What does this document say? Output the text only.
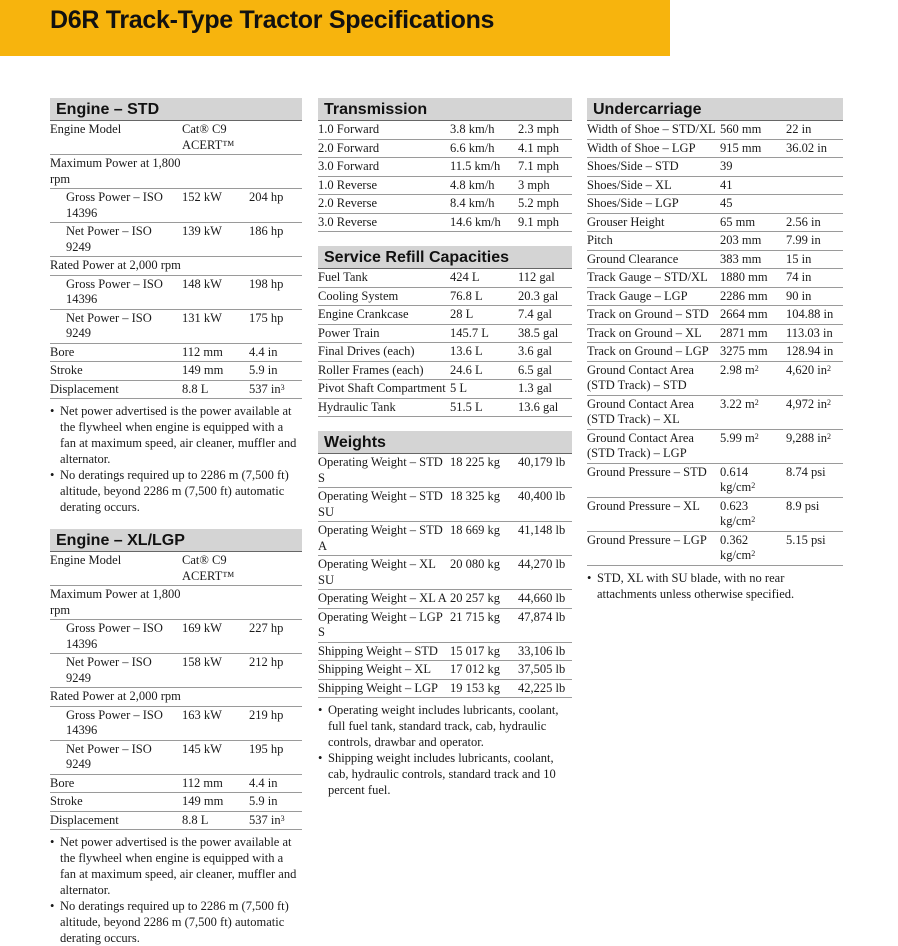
D6R Track-Type Tractor Specifications
Engine – STD
Engine Model	Cat® C9 ACERT™	
Maximum Power at 1,800 rpm		
Gross Power – ISO 14396	152 kW	204 hp
Net Power – ISO 9249	139 kW	186 hp
Rated Power at 2,000 rpm		
Gross Power – ISO 14396	148 kW	198 hp
Net Power – ISO 9249	131 kW	175 hp
Bore	112 mm	4.4 in
Stroke	149 mm	5.9 in
Displacement	8.8 L	537 $in^3$
• Net power advertised is the power available at the flywheel when engine is equipped with a fan at maximum speed, air cleaner, muffler and alternator.
• No deratings required up to 2286 m (7,500 ft) altitude, beyond 2286 m (7,500 ft) automatic derating occurs.
Engine – XL/LGP
Engine Model	Cat® C9 ACERT™	
Maximum Power at 1,800 rpm		
Gross Power – ISO 14396	169 kW	227 hp
Net Power – ISO 9249	158 kW	212 hp
Rated Power at 2,000 rpm		
Gross Power – ISO 14396	163 kW	219 hp
Net Power – ISO 9249	145 kW	195 hp
Bore	112 mm	4.4 in
Stroke	149 mm	5.9 in
Displacement	8.8 L	537 $in^3$
• Net power advertised is the power available at the flywheel when engine is equipped with a fan at maximum speed, air cleaner, muffler and alternator.
• No deratings required up to 2286 m (7,500 ft) altitude, beyond 2286 m (7,500 ft) automatic derating occurs.
Transmission
1.0 Forward	3.8 km/h	2.3 mph
2.0 Forward	6.6 km/h	4.1 mph
3.0 Forward	11.5 km/h	7.1 mph
1.0 Reverse	4.8 km/h	3 mph
2.0 Reverse	8.4 km/h	5.2 mph
3.0 Reverse	14.6 km/h	9.1 mph
Service Refill Capacities
Fuel Tank	424 L	112 gal
Cooling System	76.8 L	20.3 gal
Engine Crankcase	28 L	7.4 gal
Power Train	145.7 L	38.5 gal
Final Drives (each)	13.6 L	3.6 gal
Roller Frames (each)	24.6 L	6.5 gal
Pivot Shaft Compartment	5 L	1.3 gal
Hydraulic Tank	51.5 L	13.6 gal
Weights
Operating Weight – STD S	18 225 kg	40,179 lb
Operating Weight – STD SU	18 325 kg	40,400 lb
Operating Weight – STD A	18 669 kg	41,148 lb
Operating Weight – XL SU	20 080 kg	44,270 lb
Operating Weight – XL A	20 257 kg	44,660 lb
Operating Weight – LGP S	21 715 kg	47,874 lb
Shipping Weight – STD	15 017 kg	33,106 lb
Shipping Weight – XL	17 012 kg	37,505 lb
Shipping Weight – LGP	19 153 kg	42,225 lb
• Operating weight includes lubricants, coolant, full fuel tank, standard track, cab, hydraulic controls, drawbar and operator.
• Shipping weight includes lubricants, coolant, cab, hydraulic controls, standard track and 10 percent fuel.
Undercarriage
Width of Shoe – STD/XL	560 mm	22 in
Width of Shoe – LGP	915 mm	36.02 in
Shoes/Side – STD	39	
Shoes/Side – XL	41	
Shoes/Side – LGP	45	
Grouser Height	65 mm	2.56 in
Pitch	203 mm	7.99 in
Ground Clearance	383 mm	15 in
Track Gauge – STD/XL	1880 mm	74 in
Track Gauge – LGP	2286 mm	90 in
Track on Ground – STD	2664 mm	104.88 in
Track on Ground – XL	2871 mm	113.03 in
Track on Ground – LGP	3275 mm	128.94 in
Ground Contact Area (STD Track) – STD	2.98 $m^2$	4,620 $in^2$
Ground Contact Area (STD Track) – XL	3.22 $m^2$	4,972 $in^2$
Ground Contact Area (STD Track) – LGP	5.99 $m^2$	9,288 $in^2$
Ground Pressure – STD	0.614 $kg/cm^2$	8.74 psi
Ground Pressure – XL	0.623 $kg/cm^2$	8.9 psi
Ground Pressure – LGP	0.362 $kg/cm^2$	5.15 psi
• STD, XL with SU blade, with no rear attachments unless otherwise specified.
